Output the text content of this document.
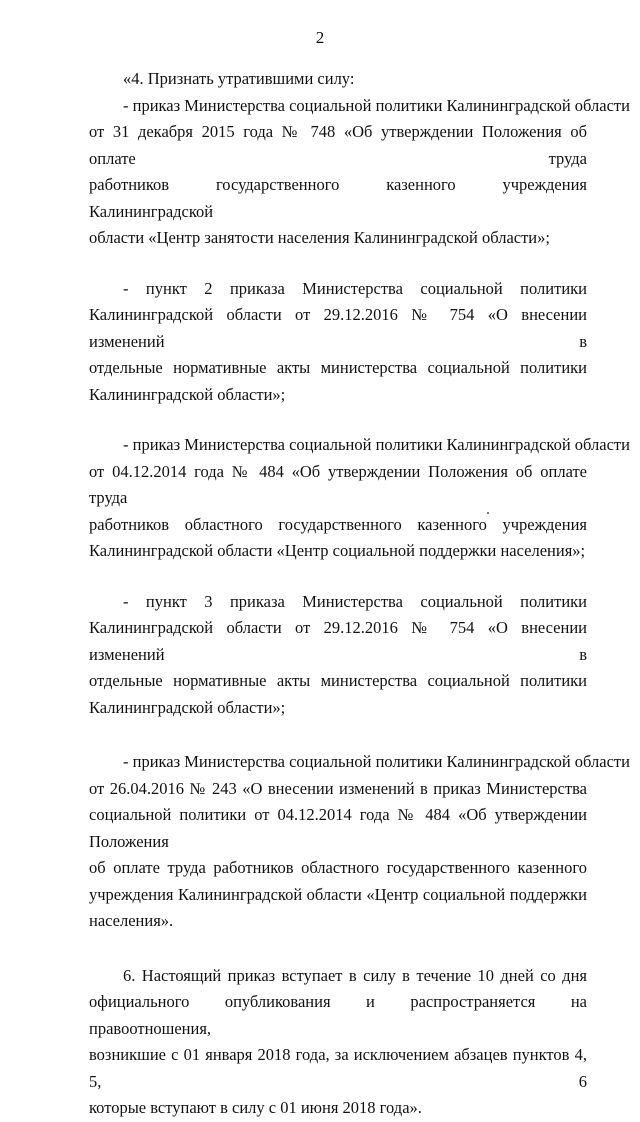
2

«4. Признать утратившими силу:

- приказ Министерства социальной политики Калининградской области
от 31 декабря 2015 года № 748 «Об утверждении Положения об оплате труда
работников государственного казенного учреждения Калининградской
области «Центр занятости населения Калининградской области»;

- пункт 2 приказа Министерства социальной политики
Калининградской области от 29.12.2016 № 754 «О внесении изменений в
отдельные нормативные акты министерства социальной политики
Калининградской области»;

- приказ Министерства социальной политики Калининградской области
от 04.12.2014 года № 484 «Об утверждении Положения об оплате труда
работников областного государственного казенного учреждения
Калининградской области «Центр социальной поддержки населения»;

- пункт 3 приказа Министерства социальной политики
Калининградской области от 29.12.2016 № 754 «О внесении изменений в
отдельные нормативные акты министерства социальной политики
Калининградской области»;

- приказ Министерства социальной политики Калининградской области
от 26.04.2016 № 243 «О внесении изменений в приказ Министерства
социальной политики от 04.12.2014 года № 484 «Об утверждении Положения
об оплате труда работников областного государственного казенного
учреждения Калининградской области «Центр социальной поддержки
населения».

6. Настоящий приказ вступает в силу в течение 10 дней со дня
официального опубликования и распространяется на правоотношения,
возникшие с 01 января 2018 года, за исключением абзацев пунктов 4, 5, 6
которые вступают в силу с 01 июня 2018 года».
